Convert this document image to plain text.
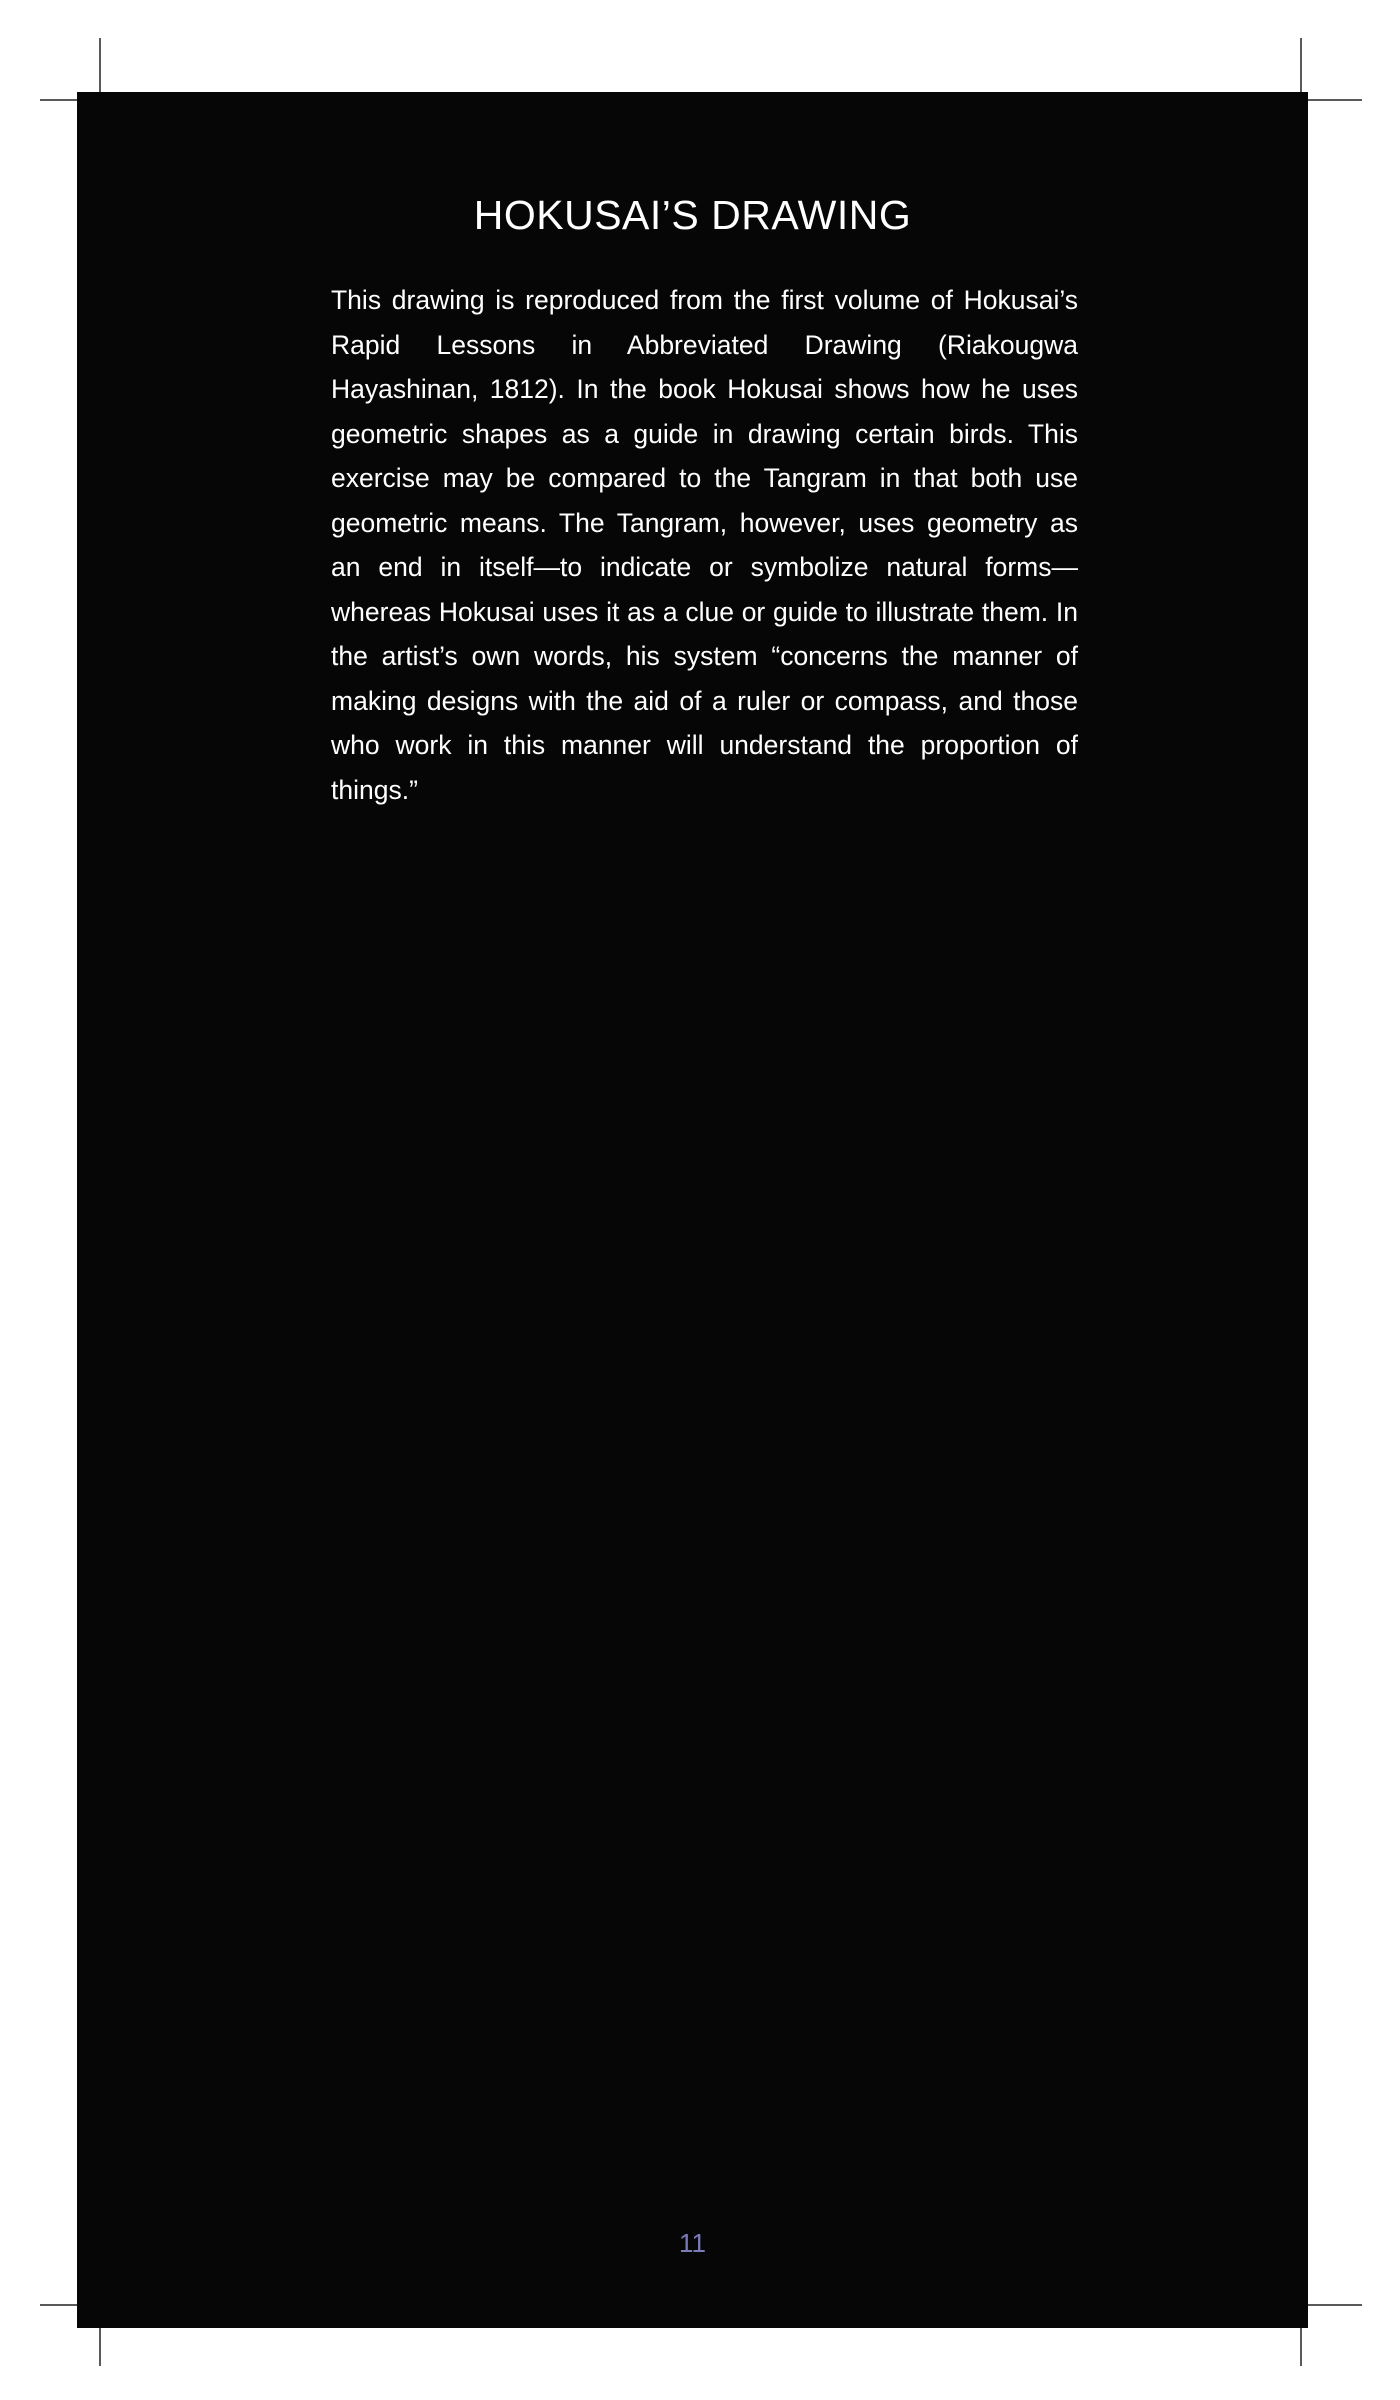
HOKUSAI’S DRAWING

This drawing is reproduced from the first volume of Hokusai’s Rapid Lessons in Abbreviated Drawing (Riakougwa Hayashinan, 1812). In the book Hokusai shows how he uses geometric shapes as a guide in drawing certain birds. This exercise may be compared to the Tangram in that both use geometric means. The Tangram, however, uses geometry as an end in itself—to indicate or symbolize natural forms—whereas Hokusai uses it as a clue or guide to illustrate them. In the artist’s own words, his system “concerns the manner of making designs with the aid of a ruler or compass, and those who work in this manner will understand the proportion of things.”

11
